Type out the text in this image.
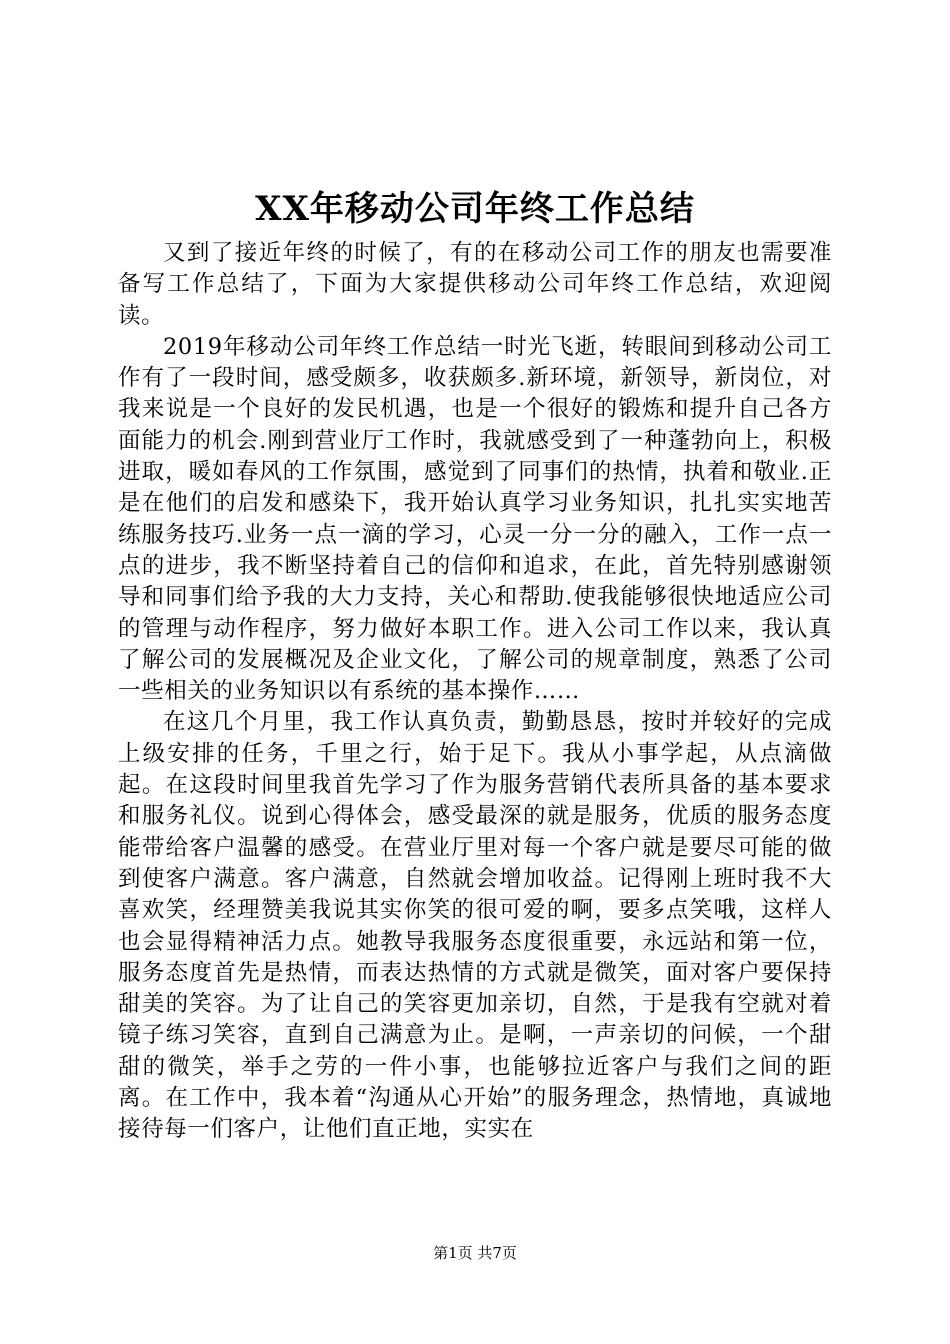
XX年移动公司年终工作总结

又到了接近年终的时候了，有的在移动公司工作的朋友也需要准备写工作总结了，下面为大家提供移动公司年终工作总结，欢迎阅读。

2019年移动公司年终工作总结一时光飞逝，转眼间到移动公司工作有了一段时间，感受颇多，收获颇多.新环境，新领导，新岗位，对我来说是一个良好的发民机遇，也是一个很好的锻炼和提升自己各方面能力的机会.刚到营业厅工作时，我就感受到了一种蓬勃向上，积极进取，暖如春风的工作氛围，感觉到了同事们的热情，执着和敬业.正是在他们的启发和感染下，我开始认真学习业务知识，扎扎实实地苦练服务技巧.业务一点一滴的学习，心灵一分一分的融入，工作一点一点的进步，我不断坚持着自己的信仰和追求，在此，首先特别感谢领导和同事们给予我的大力支持，关心和帮助.使我能够很快地适应公司的管理与动作程序，努力做好本职工作。进入公司工作以来，我认真了解公司的发展概况及企业文化，了解公司的规章制度，熟悉了公司一些相关的业务知识以有系统的基本操作……

在这几个月里，我工作认真负责，勤勤恳恳，按时并较好的完成上级安排的任务，千里之行，始于足下。我从小事学起，从点滴做起。在这段时间里我首先学习了作为服务营销代表所具备的基本要求和服务礼仪。说到心得体会，感受最深的就是服务，优质的服务态度能带给客户温馨的感受。在营业厅里对每一个客户就是要尽可能的做到使客户满意。客户满意，自然就会增加收益。记得刚上班时我不大喜欢笑，经理赞美我说其实你笑的很可爱的啊，要多点笑哦，这样人也会显得精神活力点。她教导我服务态度很重要，永远站和第一位，服务态度首先是热情，而表达热情的方式就是微笑，面对客户要保持甜美的笑容。为了让自己的笑容更加亲切，自然，于是我有空就对着镜子练习笑容，直到自己满意为止。是啊，一声亲切的问候，一个甜甜的微笑，举手之劳的一件小事，也能够拉近客户与我们之间的距离。在工作中，我本着“沟通从心开始”的服务理念，热情地，真诚地接待每一们客户，让他们直正地，实实在

第1页 共7页
